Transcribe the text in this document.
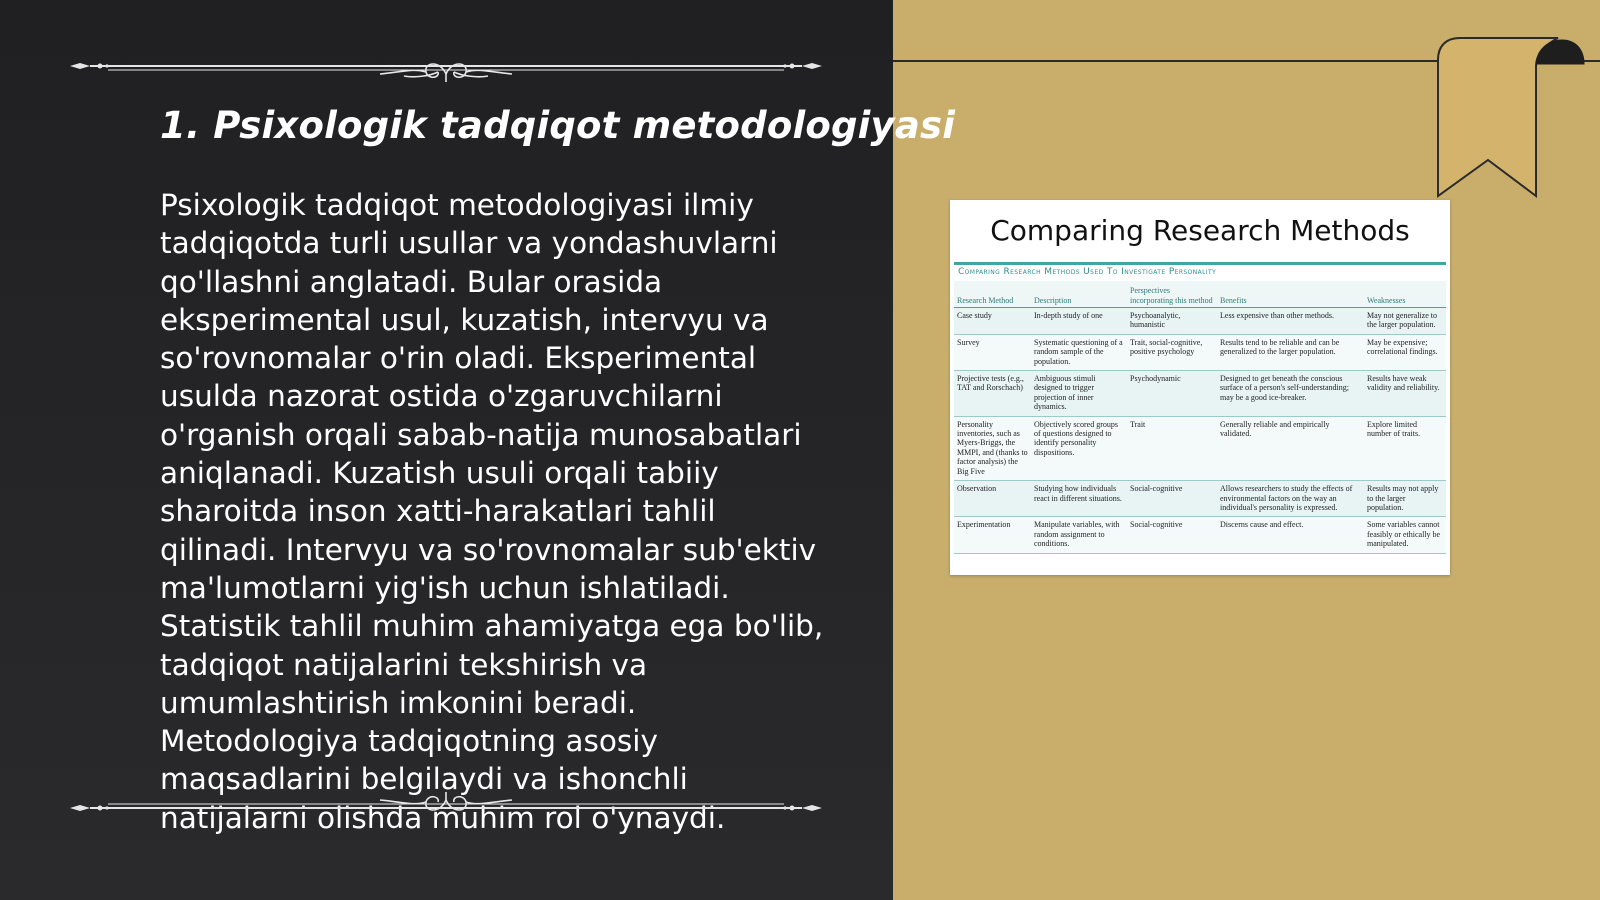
1. Psixologik tadqiqot metodologiyasi

Psixologik tadqiqot metodologiyasi ilmiy tadqiqotda turli usullar va yondashuvlarni qo'llashni anglatadi. Bular orasida eksperimental usul, kuzatish, intervyu va so'rovnomalar o'rin oladi. Eksperimental usulda nazorat ostida o'zgaruvchilarni o'rganish orqali sabab-natija munosabatlari aniqlanadi. Kuzatish usuli orqali tabiiy sharoitda inson xatti-harakatlari tahlil qilinadi. Intervyu va so'rovnomalar sub'ektiv ma'lumotlarni yig'ish uchun ishlatiladi. Statistik tahlil muhim ahamiyatga ega bo'lib, tadqiqot natijalarini tekshirish va umumlashtirish imkonini beradi. Metodologiya tadqiqotning asosiy maqsadlarini belgilaydi va ishonchli natijalarni olishda muhim rol o'ynaydi.

Comparing Research Methods
Comparing Research Methods Used To Investigate Personality
Research Method	Description	Perspectives incorporating this method	Benefits	Weaknesses
Case study	In-depth study of one	Psychoanalytic, humanistic	Less expensive than other methods.	May not generalize to the larger population.
Survey	Systematic questioning of a random sample of the population.	Trait, social-cognitive, positive psychology	Results tend to be reliable and can be generalized to the larger population.	May be expensive; correlational findings.
Projective tests (e.g., TAT and Rorschach)	Ambiguous stimuli designed to trigger projection of inner dynamics.	Psychodynamic	Designed to get beneath the conscious surface of a person's self-understanding; may be a good ice-breaker.	Results have weak validity and reliability.
Personality inventories, such as Myers-Briggs, the MMPI, and (thanks to factor analysis) the Big Five	Objectively scored groups of questions designed to identify personality dispositions.	Trait	Generally reliable and empirically validated.	Explore limited number of traits.
Observation	Studying how individuals react in different situations.	Social-cognitive	Allows researchers to study the effects of environmental factors on the way an individual's personality is expressed.	Results may not apply to the larger population.
Experimentation	Manipulate variables, with random assignment to conditions.	Social-cognitive	Discerns cause and effect.	Some variables cannot feasibly or ethically be manipulated.
